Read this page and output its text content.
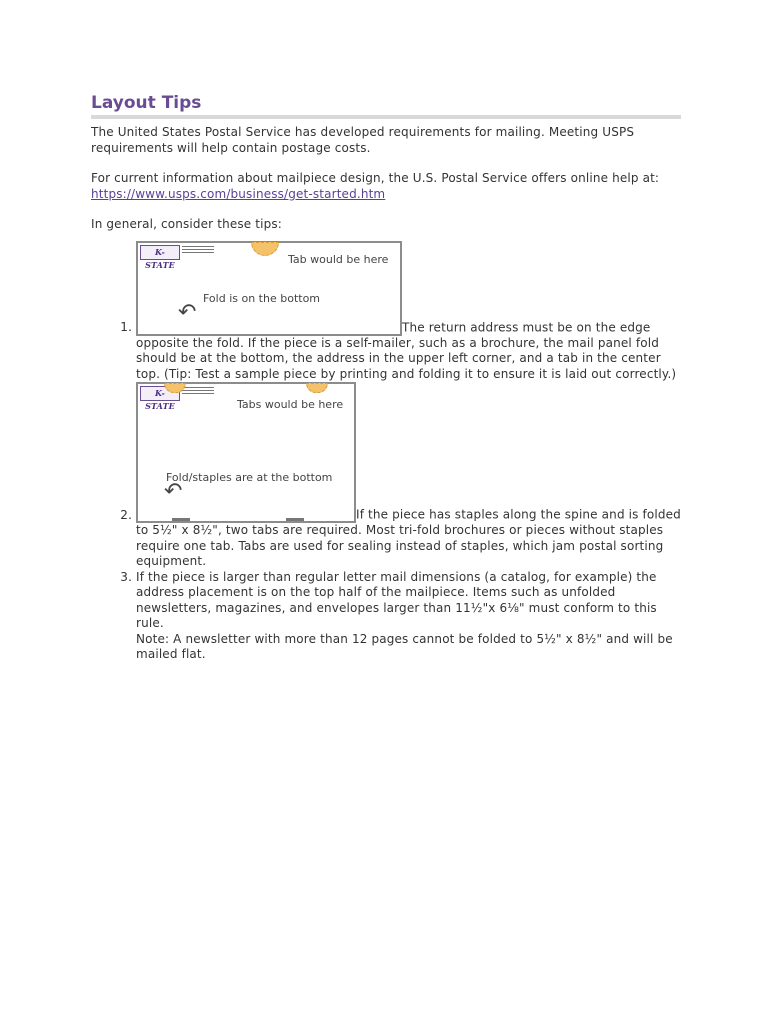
Layout Tips

The United States Postal Service has developed requirements for mailing. Meeting USPS requirements will help contain postage costs.

For current information about mailpiece design, the U.S. Postal Service offers online help at:
https://www.usps.com/business/get-started.htm

In general, consider these tips:

1. K-STATE	Tab would be here
Fold is on the bottom
↶
The return address must be on the edge opposite the fold. If the piece is a self-mailer, such as a brochure, the mail panel fold should be at the bottom, the address in the upper left corner, and a tab in the center top. (Tip: Test a sample piece by printing and folding it to ensure it is laid out correctly.)
2. K-STATE	Tabs would be here
Fold/staples are at the bottom
↶
If the piece has staples along the spine and is folded to 5½" x 8½", two tabs are required. Most tri-fold brochures or pieces without staples require one tab. Tabs are used for sealing instead of staples, which jam postal sorting equipment.
3. If the piece is larger than regular letter mail dimensions (a catalog, for example) the address placement is on the top half of the mailpiece. Items such as unfolded newsletters, magazines, and envelopes larger than 11½"x 6⅛" must conform to this rule.
Note: A newsletter with more than 12 pages cannot be folded to 5½" x 8½" and will be mailed flat.
